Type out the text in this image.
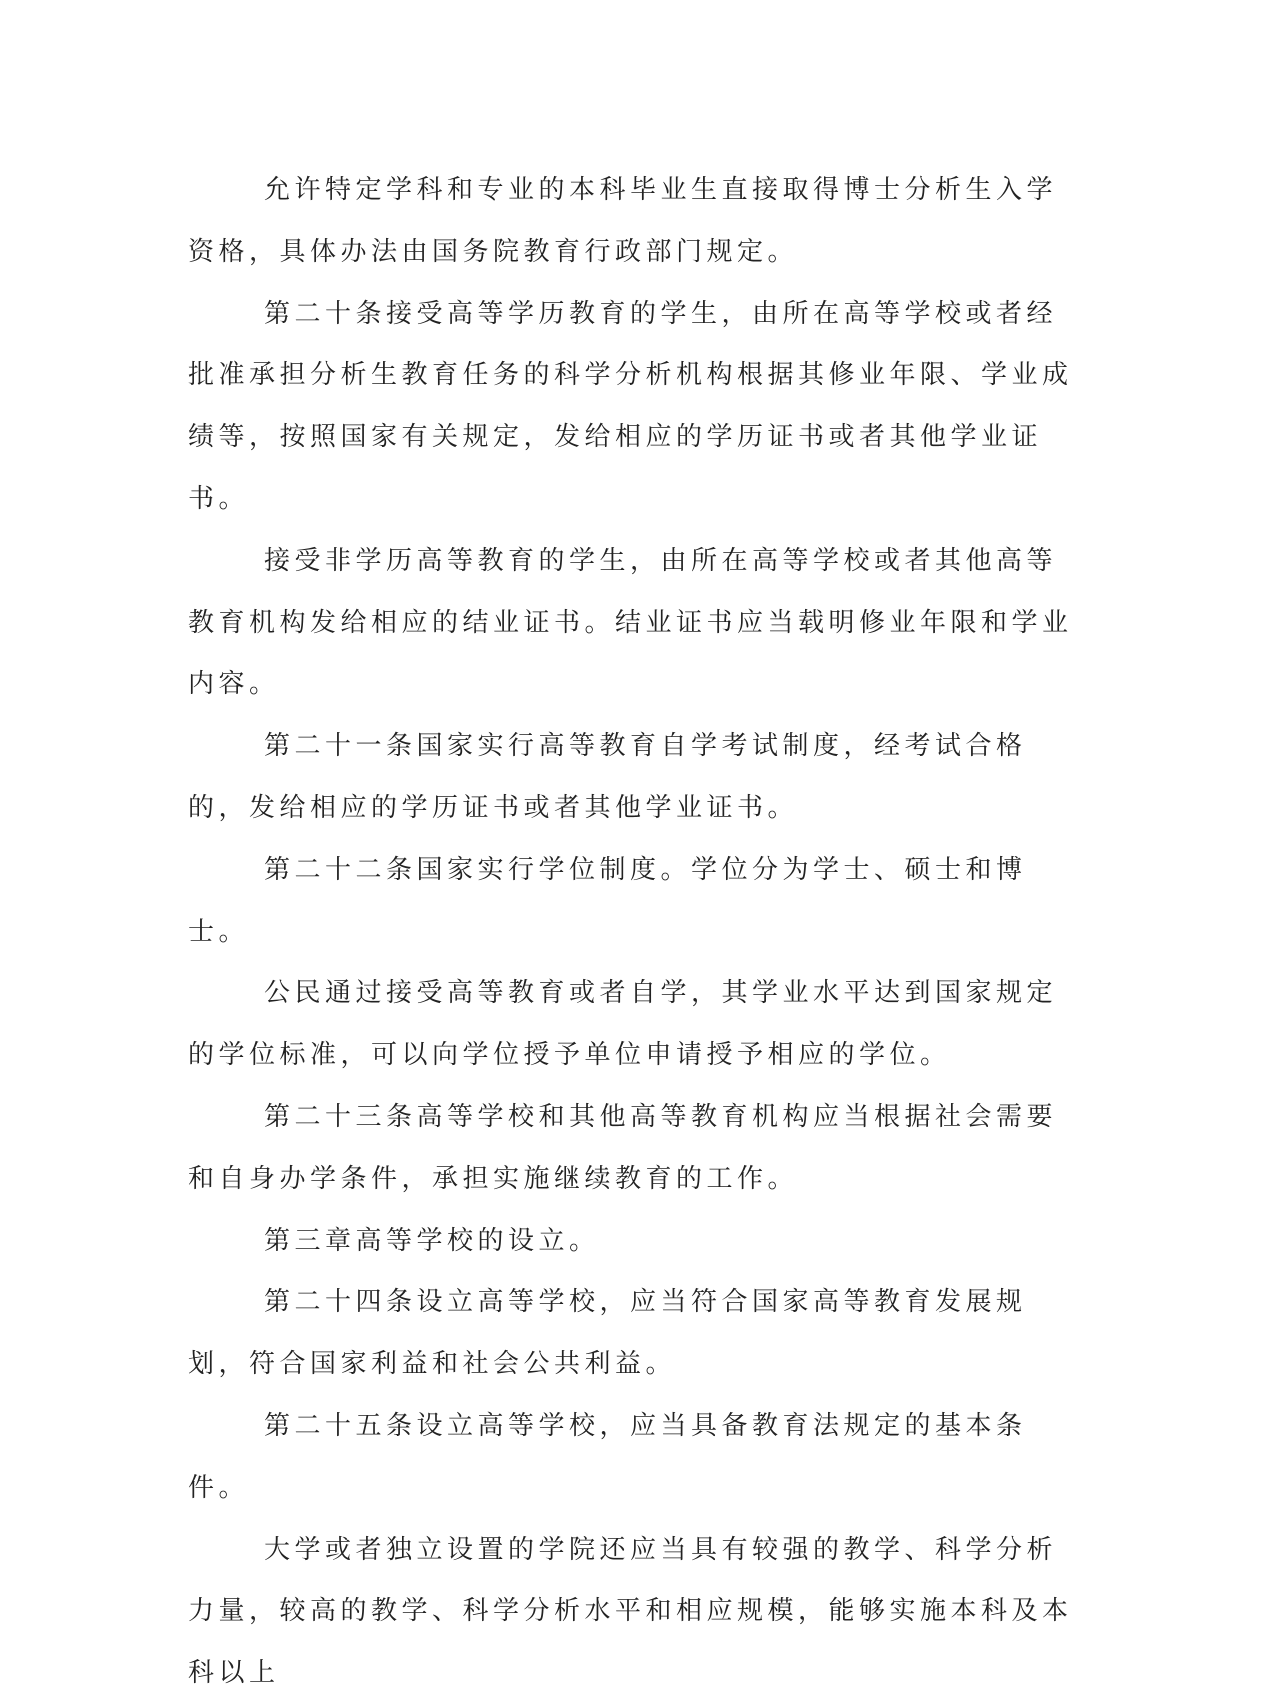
允许特定学科和专业的本科毕业生直接取得博士分析生入学资格，具体办法由国务院教育行政部门规定。

第二十条接受高等学历教育的学生，由所在高等学校或者经批准承担分析生教育任务的科学分析机构根据其修业年限、学业成绩等，按照国家有关规定，发给相应的学历证书或者其他学业证书。

接受非学历高等教育的学生，由所在高等学校或者其他高等教育机构发给相应的结业证书。结业证书应当载明修业年限和学业内容。

第二十一条国家实行高等教育自学考试制度，经考试合格的，发给相应的学历证书或者其他学业证书。

第二十二条国家实行学位制度。学位分为学士、硕士和博士。

公民通过接受高等教育或者自学，其学业水平达到国家规定的学位标准，可以向学位授予单位申请授予相应的学位。

第二十三条高等学校和其他高等教育机构应当根据社会需要和自身办学条件，承担实施继续教育的工作。

第三章高等学校的设立。

第二十四条设立高等学校，应当符合国家高等教育发展规划，符合国家利益和社会公共利益。

第二十五条设立高等学校，应当具备教育法规定的基本条件。

大学或者独立设置的学院还应当具有较强的教学、科学分析力量，较高的教学、科学分析水平和相应规模，能够实施本科及本科以上
